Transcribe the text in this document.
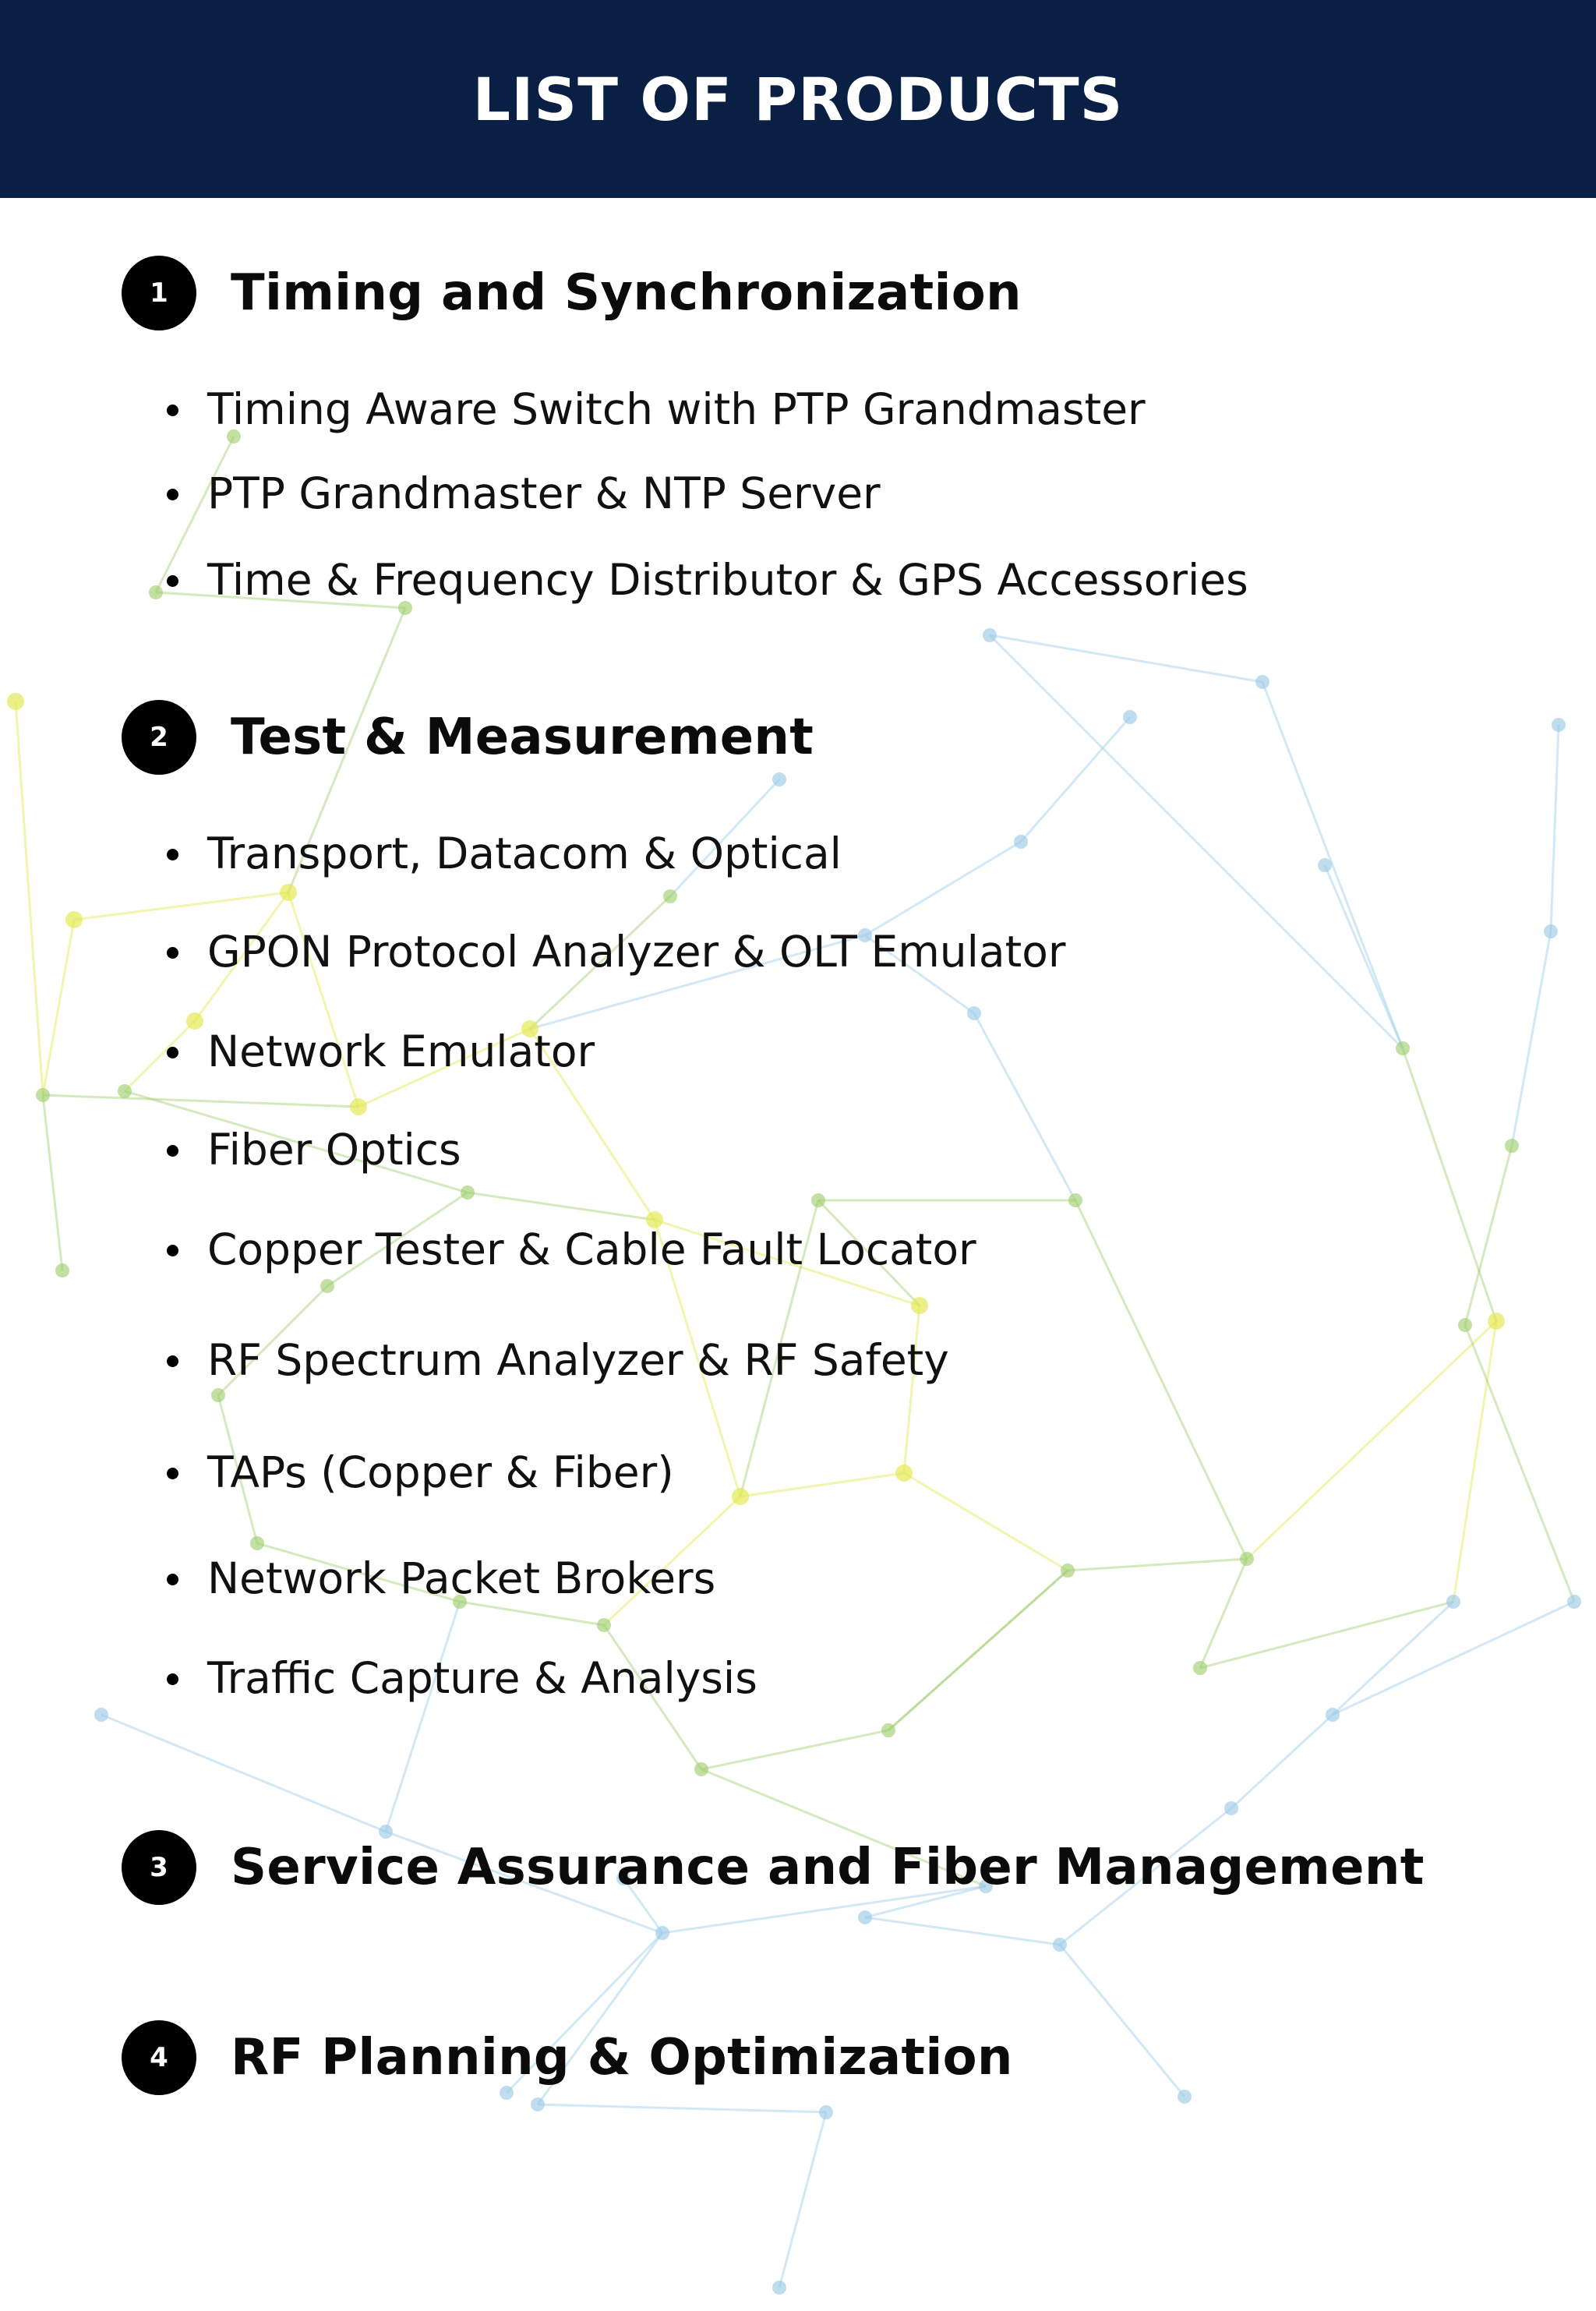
LIST OF PRODUCTS
1	Timing and Synchronization
Timing Aware Switch with PTP Grandmaster
PTP Grandmaster & NTP Server
Time & Frequency Distributor & GPS Accessories
2	Test & Measurement
Transport, Datacom & Optical
GPON Protocol Analyzer & OLT Emulator
Network Emulator
Fiber Optics
Copper Tester & Cable Fault Locator
RF Spectrum Analyzer & RF Safety
TAPs (Copper & Fiber)
Network Packet Brokers
Traffic Capture & Analysis
3	Service Assurance and Fiber Management
4	RF Planning & Optimization
